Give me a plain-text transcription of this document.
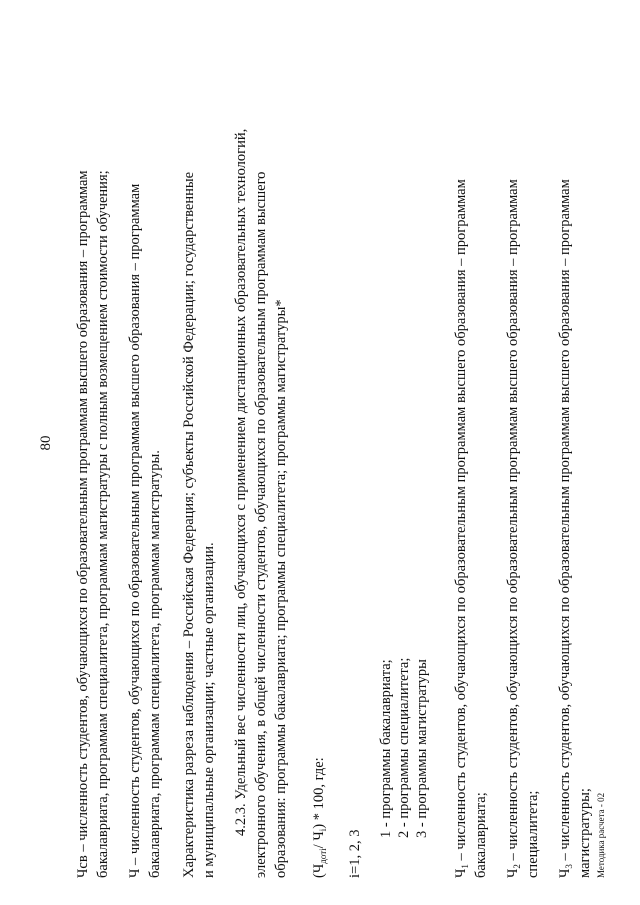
80 Чсв – численность студентов, обучающихся по образовательным программам высшего образования – программам бакалавриата, программам специалитета, программам магистратуры с полным возмещением стоимости обучения; Ч – численность студентов, обучающихся по образовательным программам высшего образования – программам бакалавриата, программам специалитета, программам магистратуры. Характеристика разреза наблюдения – Российская Федерация; субъекты Российской Федерации; государственные и муниципальные организации; частные организации. 4.2.3. Удельный вес численности лиц, обучающихся с применением дистанционных образовательных технологий, электронного обучения, в общей численности студентов, обучающихся по образовательным программам высшего образования: программы бакалавриата; программы специалитета; программы магистратуры* ($Ч_{доті}/$ $Ч_і) * 100$, где:
i=1, 2, 3
1 - программы бакалавриата; 2 - программы специалитета; 3 - программы магистратуры
$Ч_1$ – численность студентов, обучающихся по образовательным программам высшего образования – программам бакалавриата; $Ч_2$ – численность студентов, обучающихся по образовательным программам высшего образования – программам специалитета; $Ч_3$ – численность студентов, обучающихся по образовательным программам высшего образования – программам магистратуры; Методика расчета - 02
